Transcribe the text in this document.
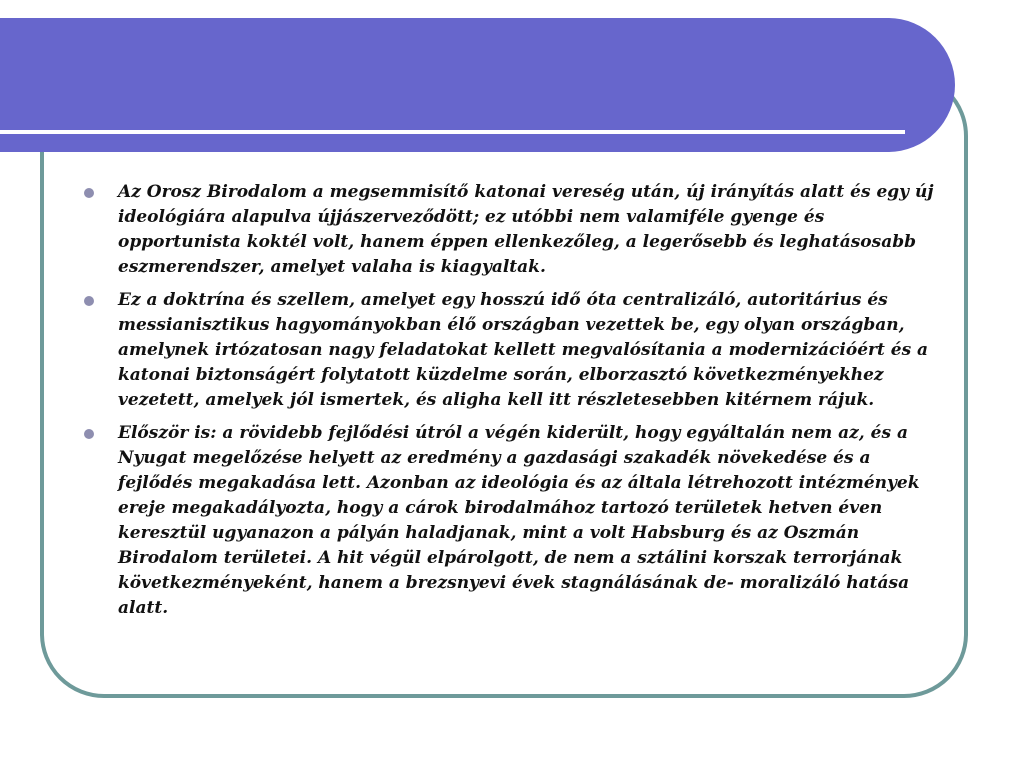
Az Orosz Birodalom a megsemmisítő katonai vereség után, új irányítás alatt és egy új ideológiára alapulva újjászerveződött; ez utóbbi nem valamiféle gyenge és opportunista koktél volt, hanem éppen ellenkezőleg, a legerősebb és leghatásosabb eszmerendszer, amelyet valaha is kiagyaltak.
Ez a doktrína és szellem, amelyet egy hosszú idő óta centralizáló, autoritárius és messianisztikus hagyományokban élő országban vezettek be, egy olyan országban, amelynek irtózatosan nagy feladatokat kellett megvalósítania a modernizációért és a katonai biztonságért folytatott küzdelme során, elborzasztó következményekhez vezetett, amelyek jól ismertek, és aligha kell itt részletesebben kitérnem rájuk.
Először is: a rövidebb fejlődési útról a végén kiderült, hogy egyáltalán nem az, és a Nyugat megelőzése helyett az eredmény a gazdasági szakadék növekedése és a fejlődés megakadása lett. Azonban az ideológia és az általa létrehozott intézmények ereje megakadályozta, hogy a cárok birodalmához tartozó területek hetven éven keresztül ugyanazon a pályán haladjanak, mint a volt Habsburg és az Oszmán Birodalom területei. A hit végül elpárolgott, de nem a sztálini korszak terrorjának következményeként, hanem a brezsnyevi évek stagnálásának de- moralizáló hatása alatt.
